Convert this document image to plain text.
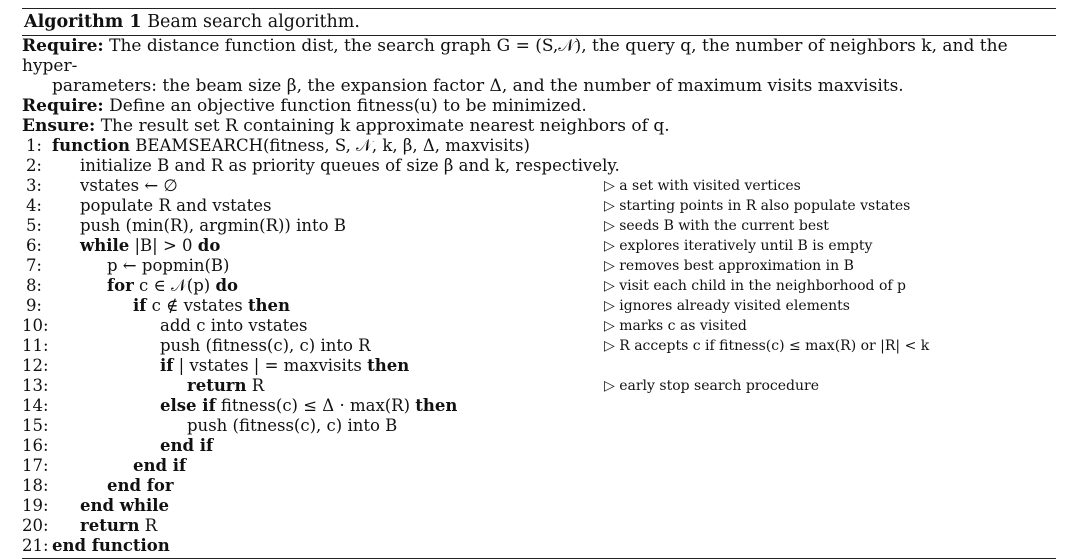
Algorithm 1 Beam search algorithm.
Require: The distance function dist, the search graph G = (S,𝒩), the query q, the number of neighbors k, and the hyper-
parameters: the beam size β, the expansion factor Δ, and the number of maximum visits maxvisits.
Require: Define an objective function fitness(u) to be minimized.
Ensure: The result set R containing k approximate nearest neighbors of q.
1: function BEAMSEARCH(fitness, S, 𝒩, k, β, Δ, maxvisits)
2: initialize B and R as priority queues of size β and k, respectively.
3: vstates ← ∅	▷ a set with visited vertices
4: populate R and vstates	▷ starting points in R also populate vstates
5: push (min(R), argmin(R)) into B	▷ seeds B with the current best
6: while |B| > 0 do	▷ explores iteratively until B is empty
7:	p ← popmin(B)	▷ removes best approximation in B
8:	for c ∈ 𝒩(p) do	▷ visit each child in the neighborhood of p
9:	if c ∉ vstates then	▷ ignores already visited elements
10:	add c into vstates	▷ marks c as visited
11:	push (fitness(c), c) into R	▷ R accepts c if fitness(c) ≤ max(R) or |R| < k
12:	if | vstates | = maxvisits then
13:	return R	▷ early stop search procedure
14:	else if fitness(c) ≤ Δ · max(R) then
15:	push (fitness(c), c) into B
16:	end if
17:	end if
18:	end for
19: end while
20: return R
21: end function
